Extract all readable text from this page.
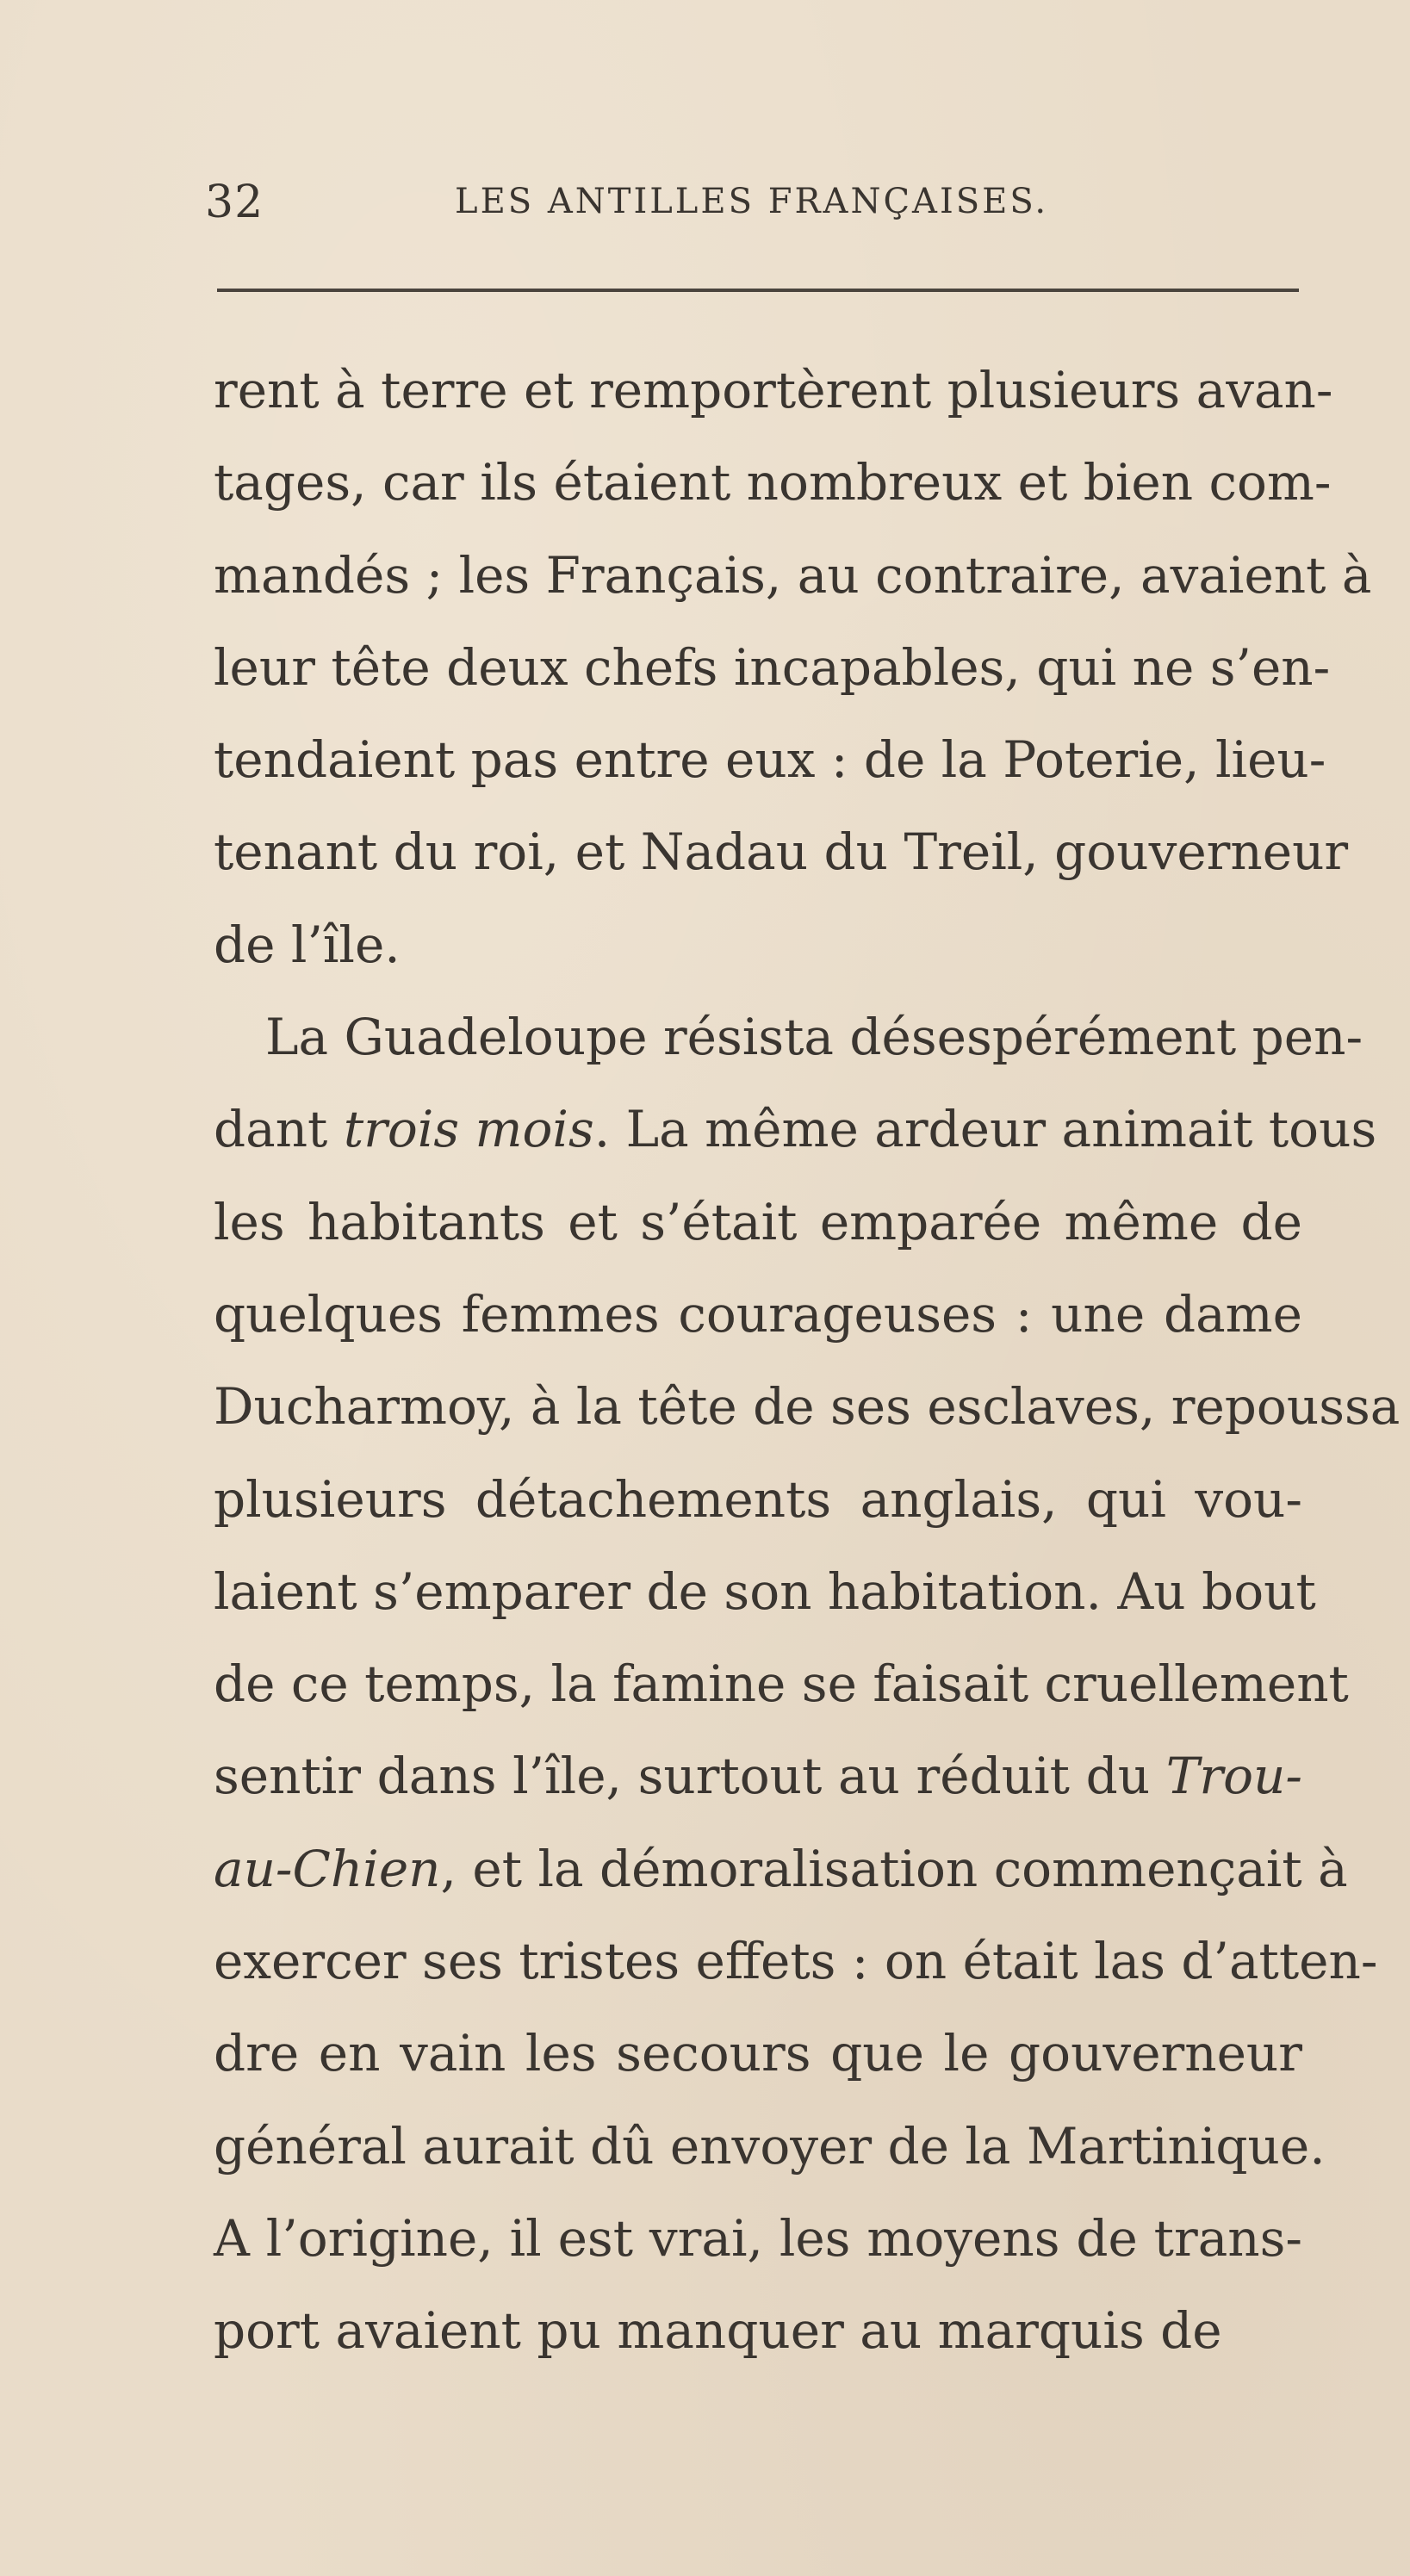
32	LES ANTILLES FRANÇAISES.
rent à terre et remportèrent plusieurs avan-
tages, car ils étaient nombreux et bien com-
mandés ; les Français, au contraire, avaient à
leur tête deux chefs incapables, qui ne s’en-
tendaient pas entre eux : de la Poterie, lieu-
tenant du roi, et Nadau du Treil, gouverneur
de l’île.
La Guadeloupe résista désespérément pen-
dant trois mois. La même ardeur animait tous
les habitants et s’était emparée même de
quelques femmes courageuses : une dame
Ducharmoy, à la tête de ses esclaves, repoussa
plusieurs détachements anglais, qui vou-
laient s’emparer de son habitation. Au bout
de ce temps, la famine se faisait cruellement
sentir dans l’île, surtout au réduit du Trou-
au-Chien, et la démoralisation commençait à
exercer ses tristes effets : on était las d’atten-
dre en vain les secours que le gouverneur
général aurait dû envoyer de la Martinique.
A l’origine, il est vrai, les moyens de trans-
port avaient pu manquer au marquis de
